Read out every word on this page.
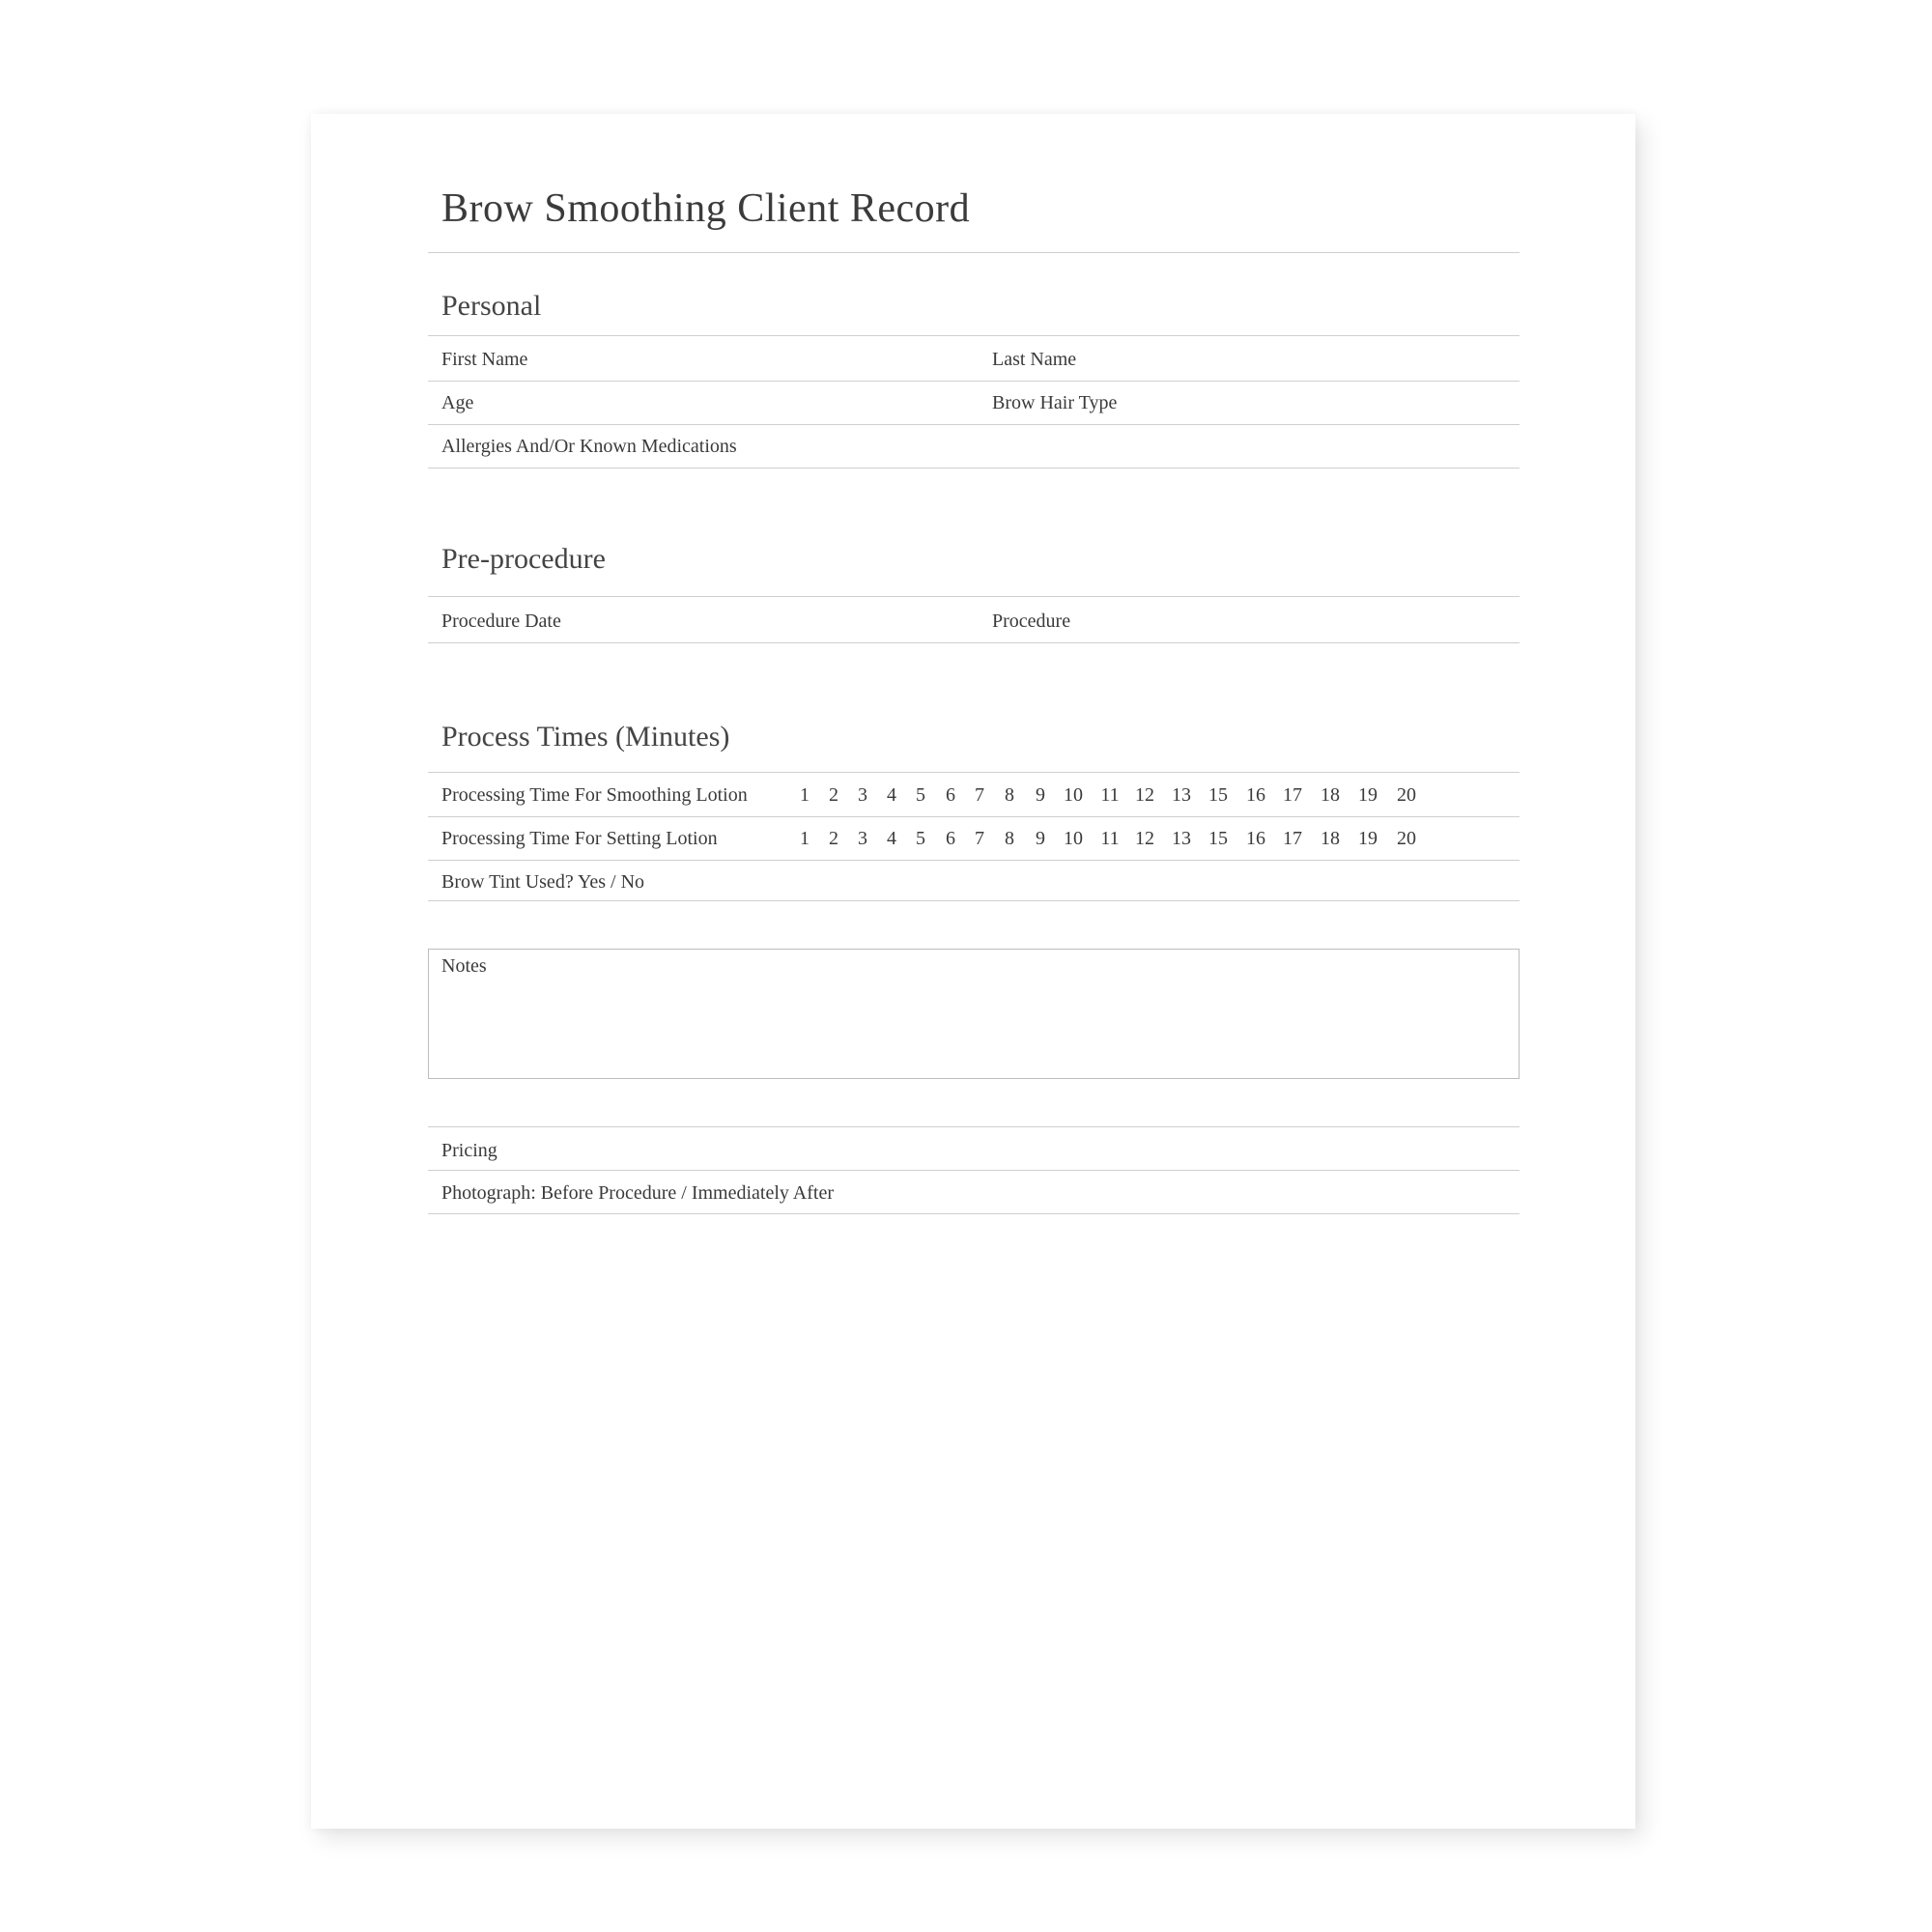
Brow Smoothing Client Record
Personal
First Name	Last Name
Age	Brow Hair Type
Allergies And/Or Known Medications
Pre-procedure
Procedure Date	Procedure
Process Times (Minutes)
Processing Time For Smoothing Lotion	1 2 3 4 5 6 7 8 9 10 11 12 13 15 16 17 18 19 20
Processing Time For Setting Lotion	1 2 3 4 5 6 7 8 9 10 11 12 13 15 16 17 18 19 20
Brow Tint Used? Yes / No
Notes
Pricing
Photograph: Before Procedure / Immediately After
